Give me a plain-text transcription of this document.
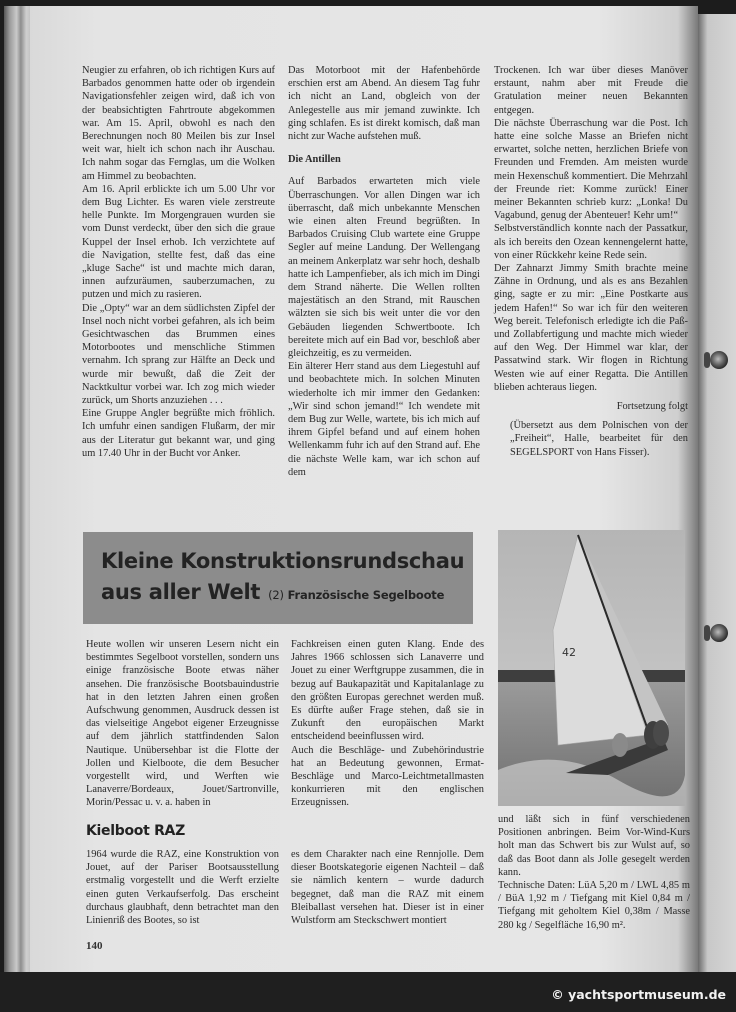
Neugier zu erfahren, ob ich richtigen Kurs auf Barbados genommen hatte oder ob irgendein Navigationsfehler zeigen wird, daß ich von der beabsichtigten Fahrtroute abgekommen war. Am 15. April, obwohl es nach den Berechnungen noch 80 Meilen bis zur Insel weit war, hielt ich schon nach ihr Auschau. Ich nahm sogar das Fernglas, um die Wolken am Himmel zu beobachten.

Am 16. April erblickte ich um 5.00 Uhr vor dem Bug Lichter. Es waren viele zerstreute helle Punkte. Im Morgengrauen wurden sie vom Dunst verdeckt, über den sich die graue Kuppel der Insel erhob. Ich verzichtete auf die Navigation, stellte fest, daß das eine „kluge Sache“ ist und machte mich daran, innen aufzuräumen, sauberzumachen, zu putzen und mich zu rasieren.

Die „Opty“ war an dem südlichsten Zipfel der Insel noch nicht vorbei gefahren, als ich beim Gesichtwaschen das Brummen eines Motorbootes und menschliche Stimmen vernahm. Ich sprang zur Hälfte an Deck und wurde mir bewußt, daß die Zeit der Nacktkultur vorbei war. Ich zog mich wieder zurück, um Shorts anzuziehen . . .

Eine Gruppe Angler begrüßte mich fröhlich. Ich umfuhr einen sandigen Flußarm, der mir aus der Literatur gut bekannt war, und ging um 17.40 Uhr in der Bucht vor Anker.

Das Motorboot mit der Hafenbehörde erschien erst am Abend. An diesem Tag fuhr ich nicht an Land, obgleich von der Anlegestelle aus mir jemand zuwinkte. Ich ging schlafen. Es ist direkt komisch, daß man nicht zur Wache aufstehen muß.

Die Antillen

Auf Barbados erwarteten mich viele Überraschungen. Vor allen Dingen war ich überrascht, daß mich unbekannte Menschen wie einen alten Freund begrüßten. In Barbados Cruising Club wartete eine Gruppe Segler auf meine Landung. Der Wellengang an meinem Ankerplatz war sehr hoch, deshalb hatte ich Lampenfieber, als ich mich im Dingi dem Strand näherte. Die Wellen rollten majestätisch an den Strand, mit Rauschen wälzten sie sich bis weit unter die vor den Gebäuden liegenden Schwertboote. Ich bereitete mich auf ein Bad vor, beschloß aber gleichzeitig, es zu vermeiden.

Ein älterer Herr stand aus dem Liegestuhl auf und beobachtete mich. In solchen Minuten wiederholte ich mir immer den Gedanken: „Wir sind schon jemand!“ Ich wendete mit dem Bug zur Welle, wartete, bis ich mich auf ihrem Gipfel befand und auf einem hohen Wellenkamm fuhr ich auf den Strand auf. Ehe die nächste Welle kam, war ich schon auf dem

Trockenen. Ich war über dieses Manöver erstaunt, nahm aber mit Freude die Gratulation meiner neuen Bekannten entgegen.

Die nächste Überraschung war die Post. Ich hatte eine solche Masse an Briefen nicht erwartet, solche netten, herzlichen Briefe von Freunden und Fremden. Am meisten wurde mein Hexenschuß kommentiert. Die Mehrzahl der Freunde riet: Komme zurück! Einer meiner Bekannten schrieb kurz: „Lonka! Du Vagabund, genug der Abenteuer! Kehr um!“

Selbstverständlich konnte nach der Passatkur, als ich bereits den Ozean kennengelernt hatte, von einer Rückkehr keine Rede sein.

Der Zahnarzt Jimmy Smith brachte meine Zähne in Ordnung, und als es ans Bezahlen ging, sagte er zu mir: „Eine Postkarte aus jedem Hafen!“ So war ich für den weiteren Weg bereit. Telefonisch erledigte ich die Paß- und Zollabfertigung und machte mich wieder auf den Weg. Der Himmel war klar, der Passatwind stark. Wir flogen in Richtung Westen wie auf einer Regatta. Die Antillen blieben achteraus liegen.

Fortsetzung folgt

(Übersetzt aus dem Polnischen von der „Freiheit“, Halle, bearbeitet für den SEGELSPORT von Hans Fisser).

Kleine Konstruktionsrundschau
aus aller Welt (2) Französische Segelboote
42

Heute wollen wir unseren Lesern nicht ein bestimmtes Segelboot vorstellen, sondern uns einige französische Boote etwas näher ansehen. Die französische Bootsbauindustrie hat in den letzten Jahren einen großen Aufschwung genommen, Ausdruck dessen ist das vielseitige Angebot eigener Erzeugnisse auf dem jährlich stattfindenden Salon Nautique. Unübersehbar ist die Flotte der Jollen und Kielboote, die dem Besucher vorgestellt wird, und Werften wie Lanaverre/Bordeaux, Jouet/Sartronville, Morin/Pessac u. v. a. haben in

Fachkreisen einen guten Klang. Ende des Jahres 1966 schlossen sich Lanaverre und Jouet zu einer Werftgruppe zusammen, die in bezug auf Baukapazität und Kapitalanlage zu den größten Europas gerechnet werden muß. Es dürfte außer Frage stehen, daß sie in Zukunft den europäischen Markt entscheidend beeinflussen wird.

Auch die Beschläge- und Zubehörindustrie hat an Bedeutung gewonnen, Ermat-Beschläge und Marco-Leichtmetallmasten konkurrieren mit den englischen Erzeugnissen.

Kielboot RAZ

1964 wurde die RAZ, eine Konstruktion von Jouet, auf der Pariser Bootsausstellung erstmalig vorgestellt und die Werft erzielte einen guten Verkaufserfolg. Das erscheint durchaus glaubhaft, denn betrachtet man den Linienriß des Bootes, so ist

es dem Charakter nach eine Rennjolle. Dem dieser Bootskategorie eigenen Nachteil – daß sie nämlich kentern – wurde dadurch begegnet, daß man die RAZ mit einem Bleiballast versehen hat. Dieser ist in einer Wulstform am Steckschwert montiert

und läßt sich in fünf verschiedenen Positionen anbringen. Beim Vor-Wind-Kurs holt man das Schwert bis zur Wulst auf, so daß das Boot dann als Jolle gesegelt werden kann.

Technische Daten: LüA 5,20 m / LWL 4,85 m / BüA 1,92 m / Tiefgang mit Kiel 0,84 m / Tiefgang mit geholtem Kiel 0,38m / Masse 280 kg / Segelfläche 16,90 m².

140
© yachtsportmuseum.de
